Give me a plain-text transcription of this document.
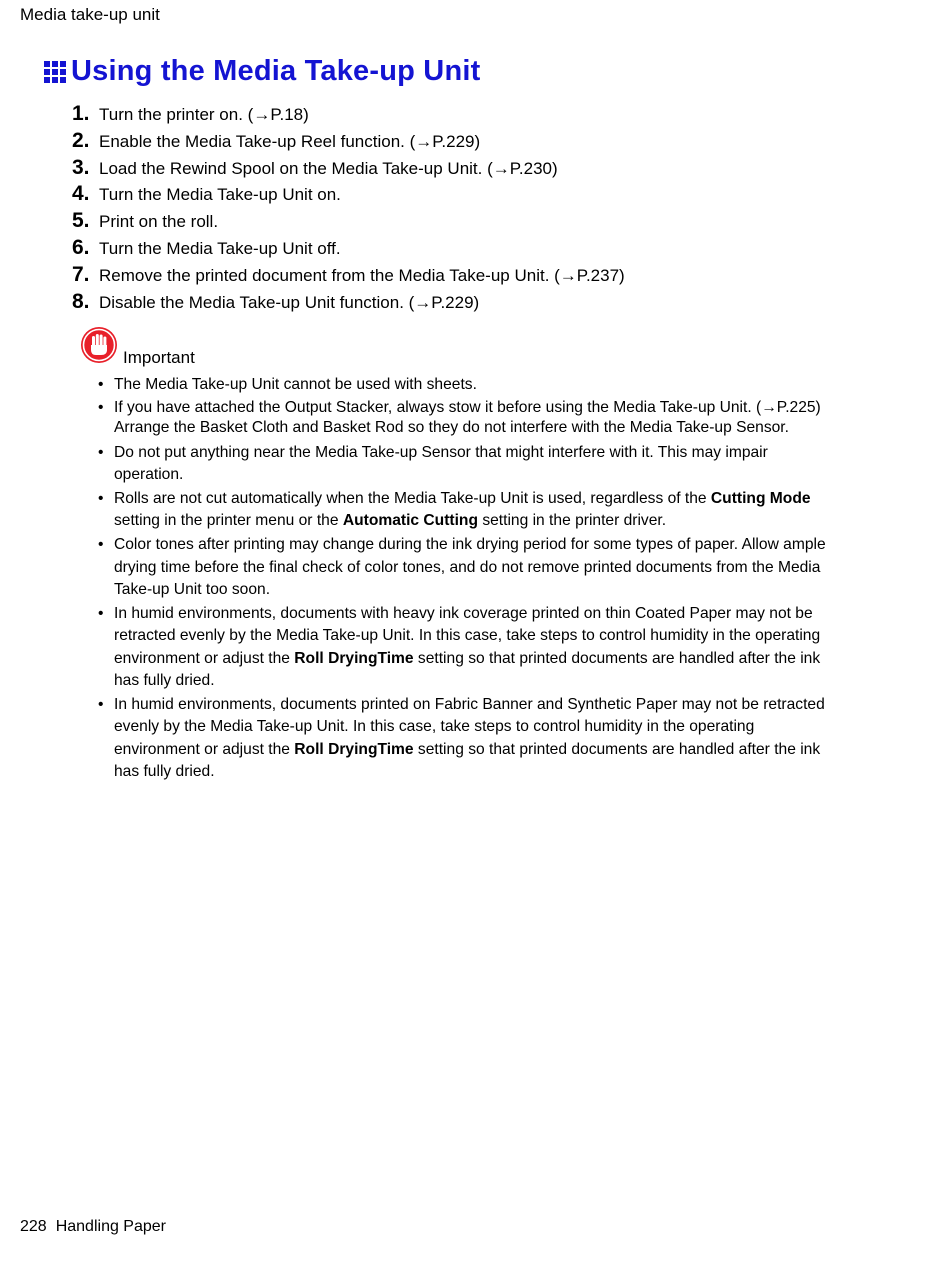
Media take-up unit
Using the Media Take-up Unit
1. Turn the printer on. (→P.18)
2. Enable the Media Take-up Reel function. (→P.229)
3. Load the Rewind Spool on the Media Take-up Unit. (→P.230)
4. Turn the Media Take-up Unit on.
5. Print on the roll.
6. Turn the Media Take-up Unit off.
7. Remove the printed document from the Media Take-up Unit. (→P.237)
8. Disable the Media Take-up Unit function. (→P.229)
Important
• The Media Take-up Unit cannot be used with sheets.
• If you have attached the Output Stacker, always stow it before using the Media Take-up Unit. (→P.225)
Arrange the Basket Cloth and Basket Rod so they do not interfere with the Media Take-up Sensor.
• Do not put anything near the Media Take-up Sensor that might interfere with it. This may impair operation.
• Rolls are not cut automatically when the Media Take-up Unit is used, regardless of the Cutting Mode setting in the printer menu or the Automatic Cutting setting in the printer driver.
• Color tones after printing may change during the ink drying period for some types of paper. Allow ample drying time before the final check of color tones, and do not remove printed documents from the Media Take-up Unit too soon.
• In humid environments, documents with heavy ink coverage printed on thin Coated Paper may not be retracted evenly by the Media Take-up Unit. In this case, take steps to control humidity in the operating environment or adjust the Roll DryingTime setting so that printed documents are handled after the ink has fully dried.
• In humid environments, documents printed on Fabric Banner and Synthetic Paper may not be retracted evenly by the Media Take-up Unit. In this case, take steps to control humidity in the operating environment or adjust the Roll DryingTime setting so that printed documents are handled after the ink has fully dried.
228 Handling Paper
